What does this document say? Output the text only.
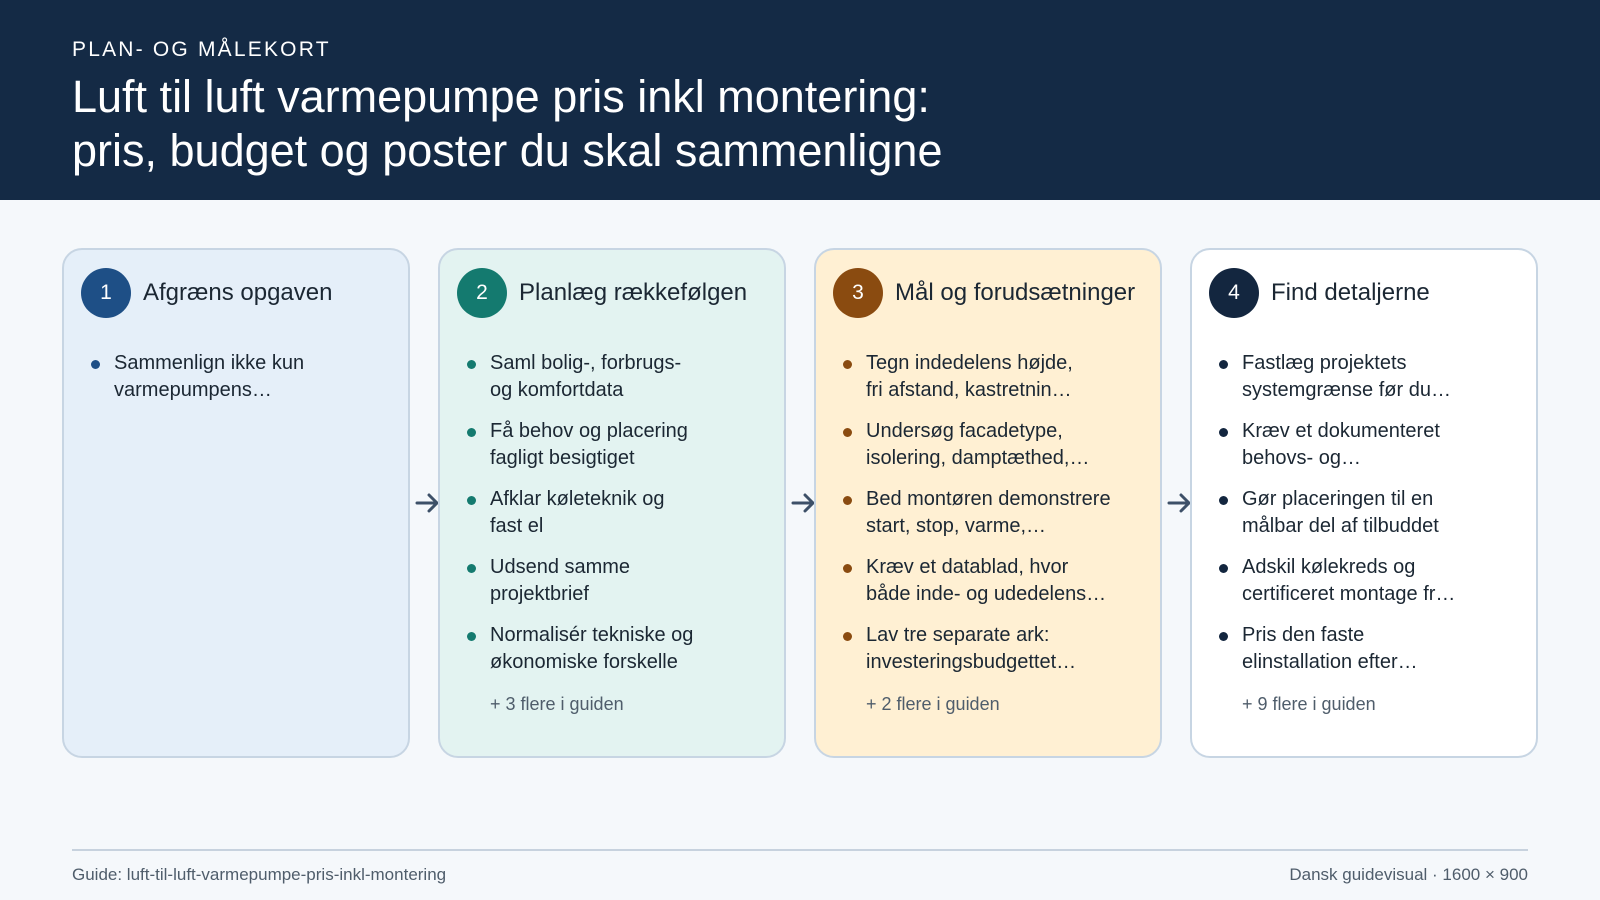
PLAN- OG MÅLEKORT
Luft til luft varmepumpe pris inkl montering:
pris, budget og poster du skal sammenligne
1	Afgræns opgaven
Sammenlign ikke kun
varmepumpens…
2	Planlæg rækkefølgen
Saml bolig-, forbrugs-
og komfortdata
Få behov og placering
fagligt besigtiget
Afklar køleteknik og
fast el
Udsend samme
projektbrief
Normalisér tekniske og
økonomiske forskelle
+ 3 flere i guiden
3	Mål og forudsætninger
Tegn indedelens højde,
fri afstand, kastretnin…
Undersøg facadetype,
isolering, damptæthed,…
Bed montøren demonstrere
start, stop, varme,…
Kræv et datablad, hvor
både inde- og udedelens…
Lav tre separate ark:
investeringsbudgettet…
+ 2 flere i guiden
4	Find detaljerne
Fastlæg projektets
systemgrænse før du…
Kræv et dokumenteret
behovs- og…
Gør placeringen til en
målbar del af tilbuddet
Adskil kølekreds og
certificeret montage fr…
Pris den faste
elinstallation efter…
+ 9 flere i guiden
Guide: luft-til-luft-varmepumpe-pris-inkl-montering	Dansk guidevisual · 1600 × 900
